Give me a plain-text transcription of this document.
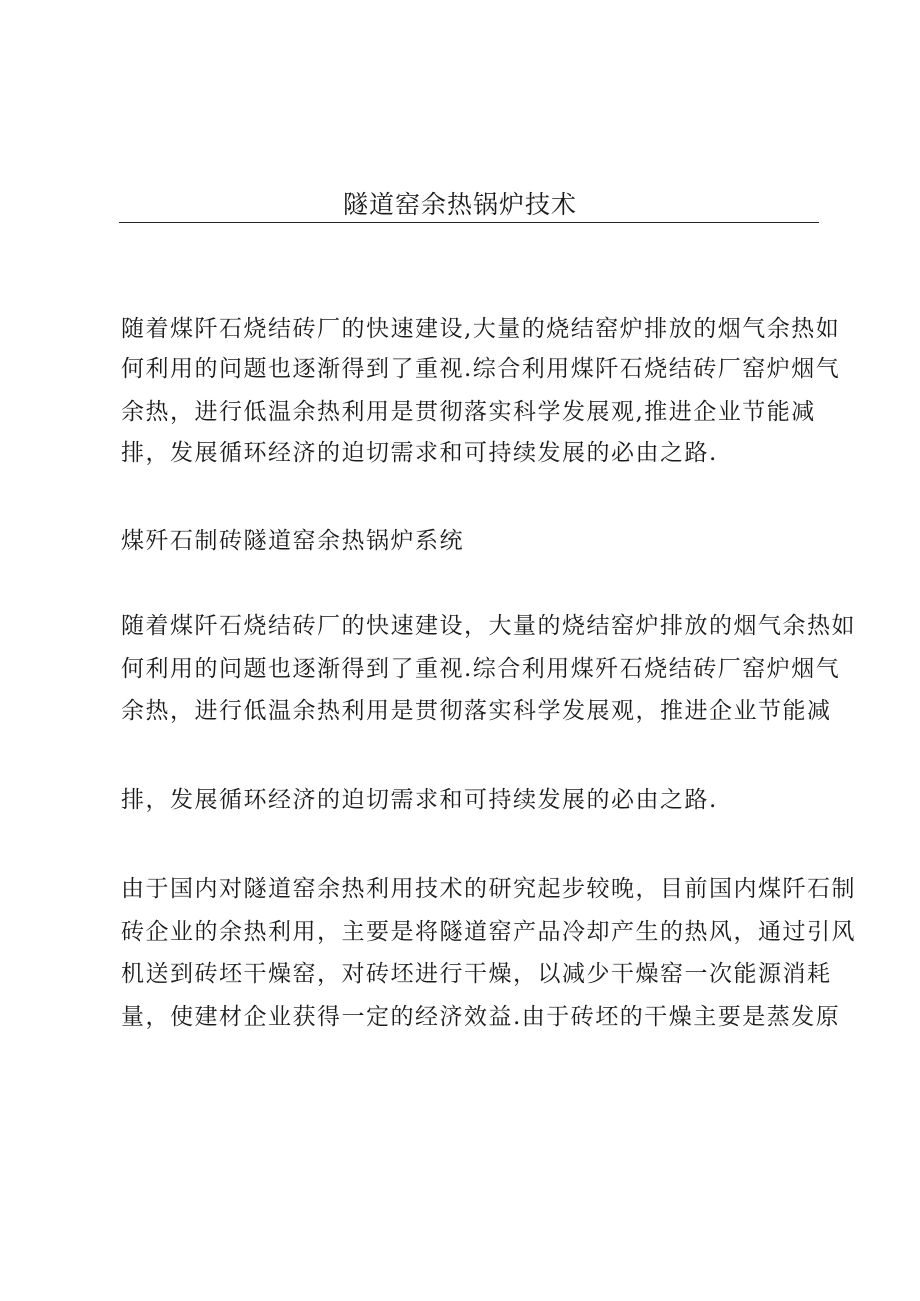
隧道窑余热锅炉技术
随着煤阡石烧结砖厂的快速建设,大量的烧结窑炉排放的烟气余热如
何利用的问题也逐渐得到了重视.综合利用煤阡石烧结砖厂窑炉烟气
余热，进行低温余热利用是贯彻落实科学发展观,推进企业节能减
排，发展循环经济的迫切需求和可持续发展的必由之路.
煤歼石制砖隧道窑余热锅炉系统
随着煤阡石烧结砖厂的快速建设，大量的烧结窑炉排放的烟气余热如
何利用的问题也逐渐得到了重视.综合利用煤歼石烧结砖厂窑炉烟气
余热，进行低温余热利用是贯彻落实科学发展观，推进企业节能减
排，发展循环经济的迫切需求和可持续发展的必由之路.
由于国内对隧道窑余热利用技术的研究起步较晚，目前国内煤阡石制
砖企业的余热利用，主要是将隧道窑产品冷却产生的热风，通过引风
机送到砖坯干燥窑，对砖坯进行干燥，以减少干燥窑一次能源消耗
量，使建材企业获得一定的经济效益.由于砖坯的干燥主要是蒸发原
